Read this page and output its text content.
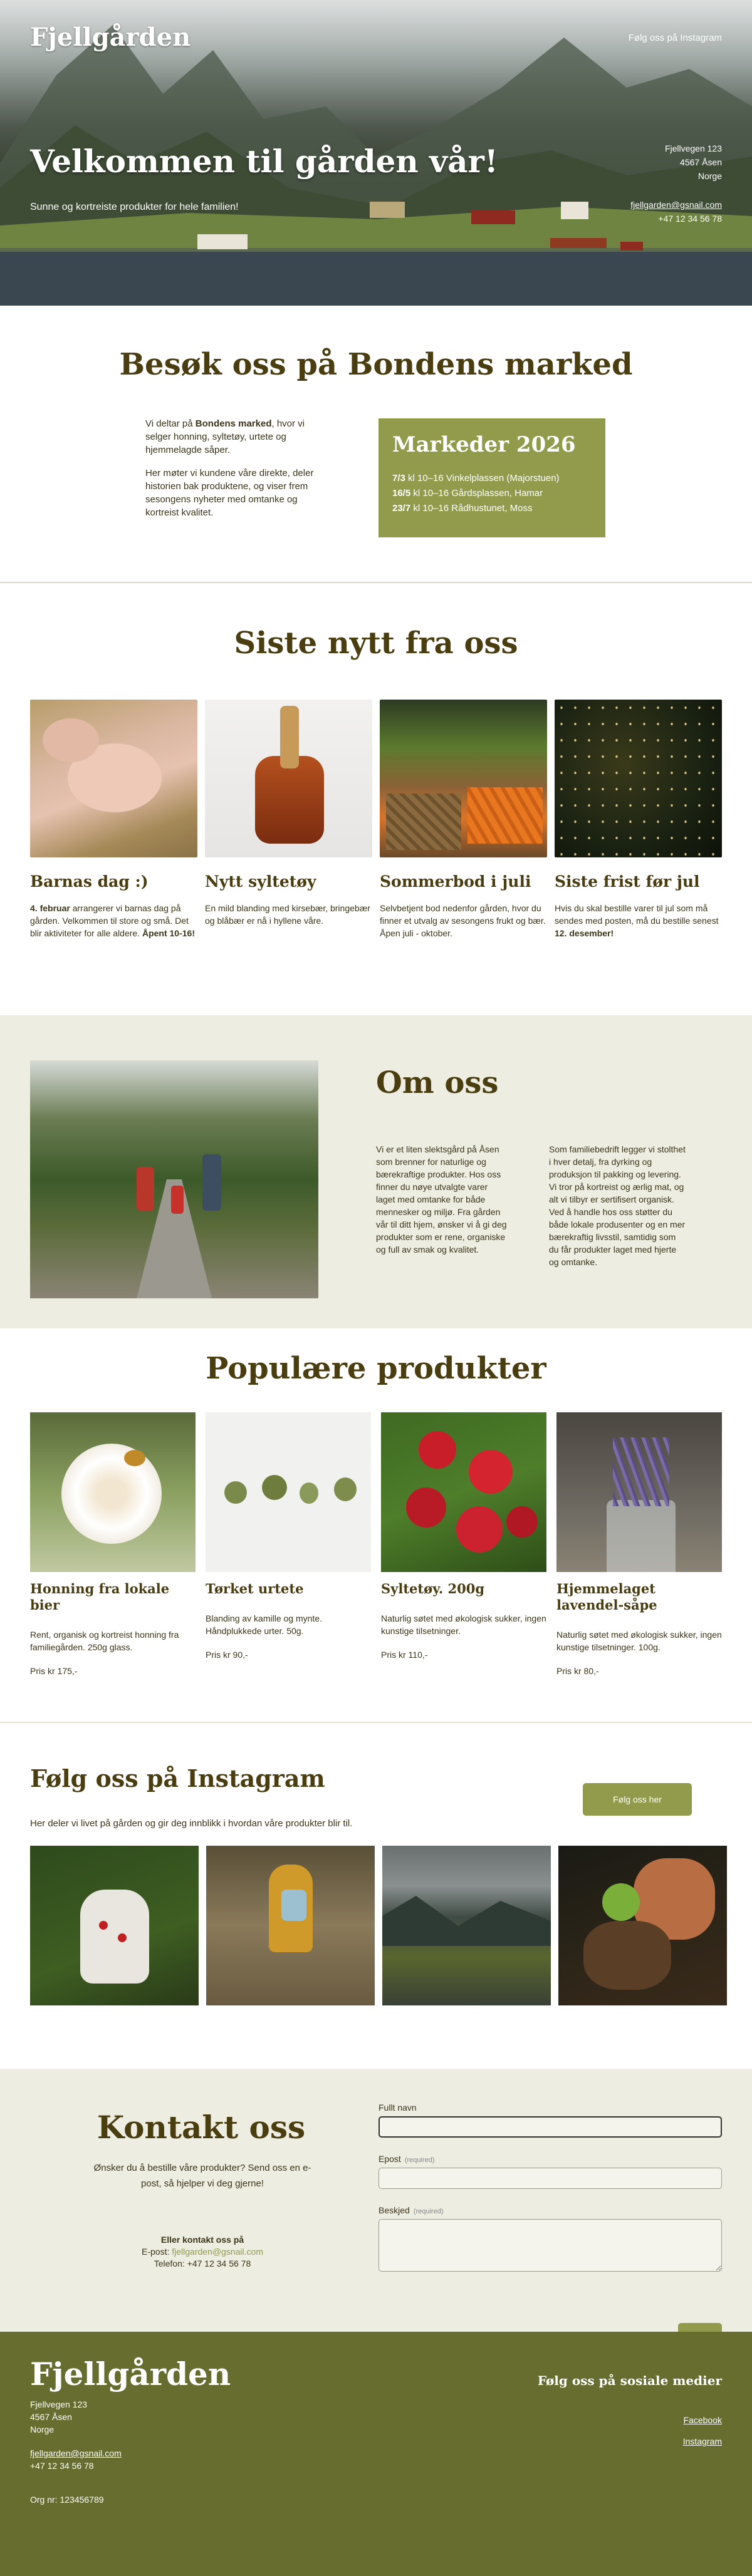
Fjellgården	Følg oss på Instagram
Velkommen til gården vår!

Sunne og kortreiste produkter for hele familien!

Fjellvegen 123
4567 Åsen
Norge
fjellgarden@gsnail.com
+47 12 34 56 78
Besøk oss på Bondens marked

Vi deltar på Bondens marked, hvor vi selger honning, syltetøy, urtete og hjemmelagde såper.

Her møter vi kundene våre direkte, deler historien bak produktene, og viser frem sesongens nyheter med omtanke og kortreist kvalitet.

Markeder 2026

7/3 kl 10–16 Vinkelplassen (Majorstuen)

16/5 kl 10–16 Gårdsplassen, Hamar

23/7 kl 10–16 Rådhustunet, Moss

Siste nytt fra oss
Barnas dag :)

4. februar arrangerer vi barnas dag på gården. Velkommen til store og små. Det blir aktiviteter for alle aldere. Åpent 10-16!

Nytt syltetøy

En mild blanding med kirsebær, bringebær og blåbær er nå i hyllene våre.

Sommerbod i juli

Selvbetjent bod nedenfor gården, hvor du finner et utvalg av sesongens frukt og bær. Åpen juli - oktober.

Siste frist før jul

Hvis du skal bestille varer til jul som må sendes med posten, må du bestille senest 12. desember!

Om oss

Vi er et liten slektsgård på Åsen som brenner for naturlige og bærekraftige produkter. Hos oss finner du nøye utvalgte varer laget med omtanke for både mennesker og miljø. Fra gården vår til ditt hjem, ønsker vi å gi deg produkter som er rene, organiske og full av smak og kvalitet.

Som familiebedrift legger vi stolthet i hver detalj, fra dyrking og produksjon til pakking og levering. Vi tror på kortreist og ærlig mat, og alt vi tilbyr er sertifisert organisk. Ved å handle hos oss støtter du både lokale produsenter og en mer bærekraftig livsstil, samtidig som du får produkter laget med hjerte og omtanke.

Populære produkter
Honning fra lokale bier

Rent, organisk og kortreist honning fra familiegården. 250g glass.

Pris kr 175,-

Tørket urtete

Blanding av kamille og mynte. Håndplukkede urter. 50g.

Pris kr 90,-

Syltetøy. 200g

Naturlig søtet med økologisk sukker, ingen kunstige tilsetninger.

Pris kr 110,-

Hjemmelaget lavendel-såpe

Naturlig søtet med økologisk sukker, ingen kunstige tilsetninger. 100g.

Pris kr 80,-

Følg oss på Instagram

Her deler vi livet på gården og gir deg innblikk i hvordan våre produkter blir til.

Følg oss her
Kontakt oss

Ønsker du å bestille våre produkter? Send oss en e-post, så hjelper vi deg gjerne!

Eller kontakt oss på
E-post: fjellgarden@gsnail.com
Telefon: +47 12 34 56 78
Fullt navn
Epost (required)
Beskjed (required)
Fjellgården
Fjellvegen 123
4567 Åsen
Norge
fjellgarden@gsnail.com
+47 12 34 56 78
Org nr: 123456789
Følg oss på sosiale medier
Facebook
Instagram
